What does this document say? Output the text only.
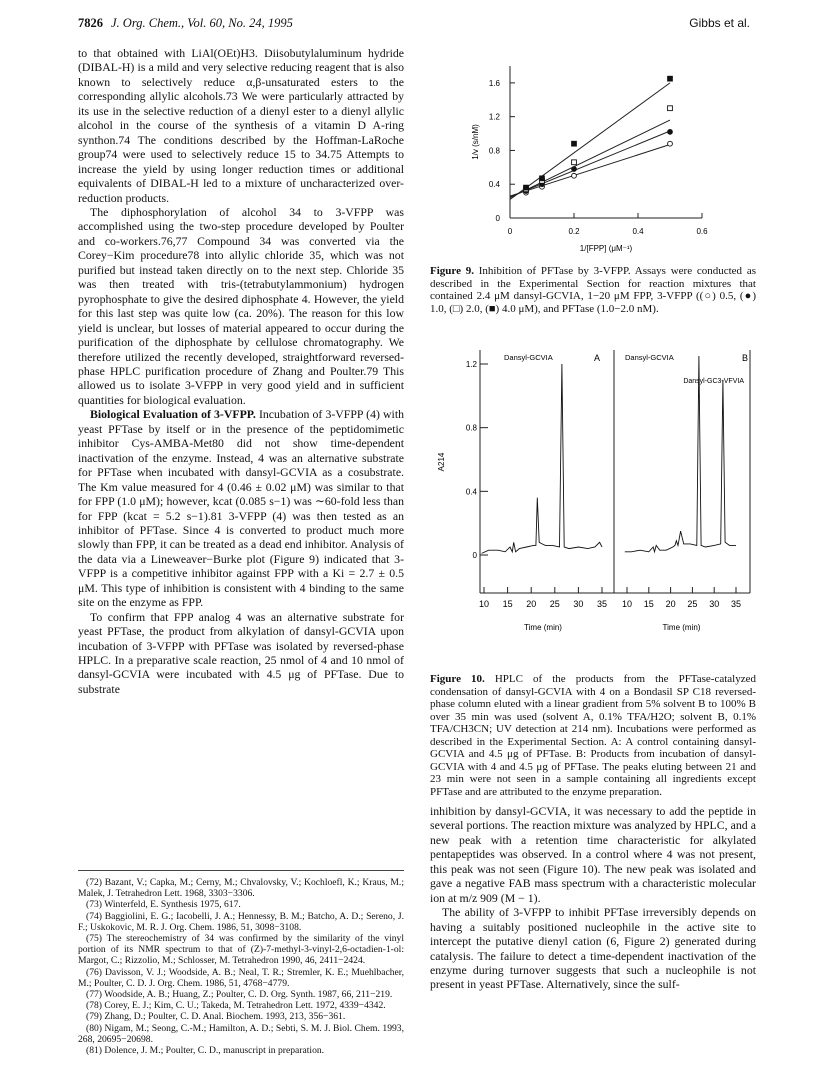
7826 J. Org. Chem., Vol. 60, No. 24, 1995	Gibbs et al.

to that obtained with LiAl(OEt)H3. Diisobutylaluminum hydride (DIBAL-H) is a mild and very selective reducing reagent that is also known to selectively reduce α,β-unsaturated esters to the corresponding allylic alcohols.73 We were particularly attracted by its use in the selective reduction of a dienyl ester to a dienyl allylic alcohol in the course of the synthesis of a vitamin D A-ring synthon.74 The conditions described by the Hoffman-LaRoche group74 were used to selectively reduce 15 to 34.75 Attempts to increase the yield by using longer reduction times or additional equivalents of DIBAL-H led to a mixture of uncharacterized over-reduction products.

The diphosphorylation of alcohol 34 to 3-VFPP was accomplished using the two-step procedure developed by Poulter and co-workers.76,77 Compound 34 was converted via the Corey−Kim procedure78 into allylic chloride 35, which was not purified but instead taken directly on to the next step. Chloride 35 was then treated with tris-(tetrabutylammonium) hydrogen pyrophosphate to give the desired diphosphate 4. However, the yield for this last step was quite low (ca. 20%). The reason for this low yield is unclear, but losses of material appeared to occur during the purification of the diphosphate by cellulose chromatography. We therefore utilized the recently developed, straightforward reversed-phase HPLC purification procedure of Zhang and Poulter.79 This allowed us to isolate 3-VFPP in very good yield and in sufficient quantities for biological evaluation.

Biological Evaluation of 3-VFPP. Incubation of 3-VFPP (4) with yeast PFTase by itself or in the presence of the peptidomimetic inhibitor Cys-AMBA-Met80 did not show time-dependent inactivation of the enzyme. Instead, 4 was an alternative substrate for PFTase when incubated with dansyl-GCVIA as a cosubstrate. The Km value measured for 4 (0.46 ± 0.02 μM) was similar to that for FPP (1.0 μM); however, kcat (0.085 s−1) was ∼60-fold less than for FPP (kcat = 5.2 s−1).81 3-VFPP (4) was then tested as an inhibitor of PFTase. Since 4 is converted to product much more slowly than FPP, it can be treated as a dead end inhibitor. Analysis of the data via a Lineweaver−Burke plot (Figure 9) indicated that 3-VFPP is a competitive inhibitor against FPP with a Ki = 2.7 ± 0.5 μM. This type of inhibition is consistent with 4 binding to the same site on the enzyme as FPP.

To confirm that FPP analog 4 was an alternative substrate for yeast PFTase, the product from alkylation of dansyl-GCVIA upon incubation of 3-VFPP with PFTase was isolated by reversed-phase HPLC. In a preparative scale reaction, 25 nmol of 4 and 10 nmol of dansyl-GCVIA were incubated with 4.5 μg of PFTase. Due to substrate

(72) Bazant, V.; Capka, M.; Cerny, M.; Chvalovsky, V.; Kochloefl, K.; Kraus, M.; Malek, J. Tetrahedron Lett. 1968, 3303−3306.

(73) Winterfeld, E. Synthesis 1975, 617.

(74) Baggiolini, E. G.; Iacobelli, J. A.; Hennessy, B. M.; Batcho, A. D.; Sereno, J. F.; Uskokovic, M. R. J. Org. Chem. 1986, 51, 3098−3108.

(75) The stereochemistry of 34 was confirmed by the similarity of the vinyl portion of its NMR spectrum to that of (Z)-7-methyl-3-vinyl-2,6-octadien-1-ol: Margot, C.; Rizzolio, M.; Schlosser, M. Tetrahedron 1990, 46, 2411−2424.

(76) Davisson, V. J.; Woodside, A. B.; Neal, T. R.; Stremler, K. E.; Muehlbacher, M.; Poulter, C. D. J. Org. Chem. 1986, 51, 4768−4779.

(77) Woodside, A. B.; Huang, Z.; Poulter, C. D. Org. Synth. 1987, 66, 211−219.

(78) Corey, E. J.; Kim, C. U.; Takeda, M. Tetrahedron Lett. 1972, 4339−4342.

(79) Zhang, D.; Poulter, C. D. Anal. Biochem. 1993, 213, 356−361.

(80) Nigam, M.; Seong, C.-M.; Hamilton, A. D.; Sebti, S. M. J. Biol. Chem. 1993, 268, 20695−20698.

(81) Dolence, J. M.; Poulter, C. D., manuscript in preparation.

0
0.4
0.8
1.2
1.6
0	0.2	0.4	0.6
1/[FPP] (μM⁻¹)
1/v (s/nM)
Figure 9. Inhibition of PFTase by 3-VFPP. Assays were conducted as described in the Experimental Section for reaction mixtures that contained 2.4 μM dansyl-GCVIA, 1−20 μM FPP, 3-VFPP ((○) 0.5, (●) 1.0, (□) 2.0, (■) 4.0 μM), and PFTase (1.0−2.0 nM).
0
0.4
0.8
1.2
A214
10 15 20 25 30 35
Time (min)
Dansyl-GCVIA	A
10 15 20 25 30 35
Time (min)
Dansyl-GCVIA	B
Dansyl-GC3-VFVIA
Figure 10. HPLC of the products from the PFTase-catalyzed condensation of dansyl-GCVIA with 4 on a Bondasil SP C18 reversed-phase column eluted with a linear gradient from 5% solvent B to 100% B over 35 min was used (solvent A, 0.1% TFA/H2O; solvent B, 0.1% TFA/CH3CN; UV detection at 214 nm). Incubations were performed as described in the Experimental Section. A: A control containing dansyl-GCVIA and 4.5 μg of PFTase. B: Products from incubation of dansyl-GCVIA with 4 and 4.5 μg of PFTase. The peaks eluting between 21 and 23 min were not seen in a sample containing all ingredients except PFTase and are attributed to the enzyme preparation.

inhibition by dansyl-GCVIA, it was necessary to add the peptide in several portions. The reaction mixture was analyzed by HPLC, and a new peak with a retention time characteristic for alkylated pentapeptides was observed. In a control where 4 was not present, this peak was not seen (Figure 10). The new peak was isolated and gave a negative FAB mass spectrum with a characteristic molecular ion at m/z 909 (M − 1).

The ability of 3-VFPP to inhibit PFTase irreversibly depends on having a suitably positioned nucleophile in the active site to intercept the putative dienyl cation (6, Figure 2) generated during catalysis. The failure to detect a time-dependent inactivation of the enzyme during turnover suggests that such a nucleophile is not present in yeast PFTase. Alternatively, since the sulf-
